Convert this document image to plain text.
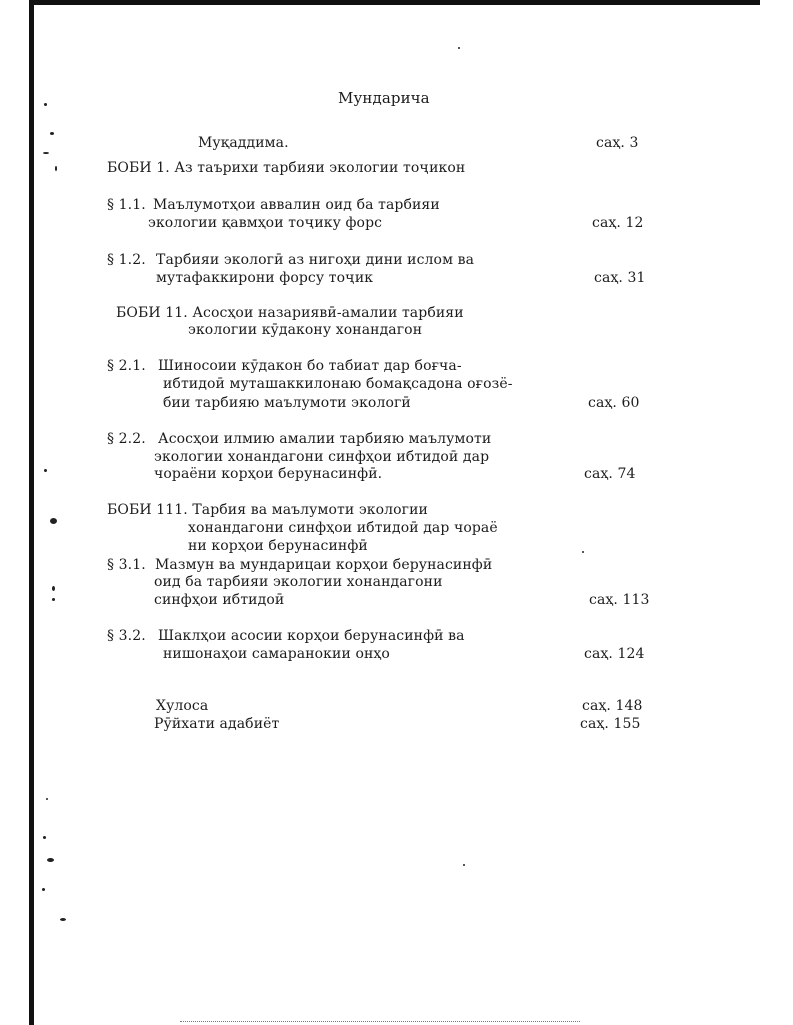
Мундарича
Муқаддима.	саҳ. 3
БОБИ 1. Аз таърихи тарбияи экологии тоҷикон
§ 1.1. Маълумотҳои аввалин оид ба тарбияи
экологии қавмҳои тоҷику форс	саҳ. 12
§ 1.2. Тарбияи экологӣ аз нигоҳи дини ислом ва
мутафаккирони форсу тоҷик	саҳ. 31
БОБИ 11. Асосҳои назариявӣ-амалии тарбияи
экологии кӯдакону хонандагон
§ 2.1. Шиносоии кӯдакон бо табиат дар боғча-
ибтидоӣ муташаккилонаю бомақсадона оғозё-
бии тарбияю маълумоти экологӣ	саҳ. 60
§ 2.2. Асосҳои илмию амалии тарбияю маълумоти
экологии хонандагони синфҳои ибтидоӣ дар
чораёни корҳои берунасинфӣ.	саҳ. 74
БОБИ 111. Тарбия ва маълумоти экологии
хонандагони синфҳои ибтидоӣ дар чораё
ни корҳои берунасинфӣ
§ 3.1. Мазмун ва мундарицаи корҳои берунасинфӣ
оид ба тарбияи экологии хонандагони
синфҳои ибтидоӣ	саҳ. 113
§ 3.2. Шаклҳои асосии корҳои берунасинфӣ ва
нишонаҳои самаранокии онҳо	саҳ. 124
Хулоса	саҳ. 148
Рӯйхати адабиёт	саҳ. 155
